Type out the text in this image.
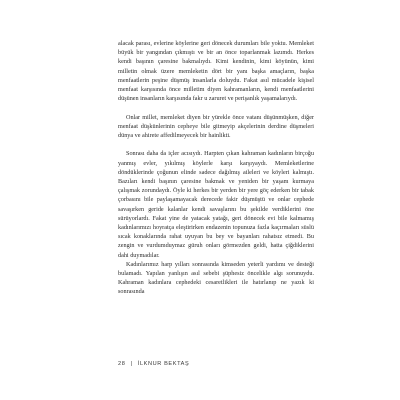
alacak parası, evlerine köylerine geri dönecek durumları bile yoktu. Memleket büyük bir yangından çıkmıştı ve bir an önce toparlanmak lazımdı. Herkes kendi başının çaresine bakmalıydı. Kimi kendinin, kimi köyünün, kimi milletin olmak üzere memleketin dört bir yanı başka amaçların, başka menfaatlerin peşine düşmüş insanlarla doluydu. Fakat asıl mücadele kişisel menfaat karşısında önce milletim diyen kahramanların, kendi menfaatlerini düşünen insanların karşısında fakr u zaruret ve perişanlık yaşamalarıydı.

Onlar millet, memleket diyen bir yürekle önce vatanı düşünmüşken, diğer menfaat düşkünlerinin cepheye bile gitmeyip akçelerinin derdine düşmeleri dünya ve ahirete affedilmeyecek bir hainlikti.

Sonrası daha da içler acısıydı. Harpten çıkan kahraman kadınların birçoğu yanmış evler, yıkılmış köylerle karşı karşıyaydı. Memleketlerine döndüklerinde çoğunun elinde sadece dağılmış aileleri ve köyleri kalmıştı. Bazıları kendi başının çaresine bakmak ve yeniden bir yaşam kurmaya çalışmak zorundaydı. Öyle ki herkes bir yerden bir yere göç ederken bir tabak çorbasını bile paylaşamayacak derecede fakir düşmüştü ve onlar cephede savaşırken geride kalanlar kendi savaşlarını bu şekilde verdiklerini öne sürüyorlardı. Fakat yine de yatacak yatağı, geri dönecek evi bile kalmamış kadınlarımızı hoyratça eleştirirken endazenin topunuza fazla kaçırmaları süslü sıcak konaklarında rahat uyuyan bu bey ve bayanları rahatsız etmedi. Bu zengin ve vurdumduymaz güruh onları görmezden geldi, hatta çiğdiklerini dahi duymadılar.

Kadınlarımız harp yılları sonrasında kimseden yeterli yardımı ve desteği bulamadı. Yapılan yanlışın asıl sebebi şüphesiz öncelikle algı sorunuydu. Kahraman kadınlara cephedeki cesaretlikleri ile hatırlanıp ne yazık ki sonrasında

28 | İLKNUR BEKTAŞ
